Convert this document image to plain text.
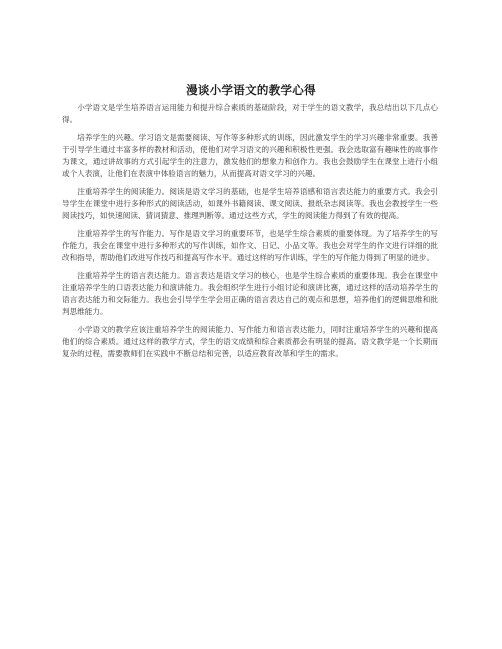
漫谈小学语文的教学心得

小学语文是学生培养语言运用能力和提升综合素质的基础阶段，对于学生的语文教学，我总结出以下几点心得。

培养学生的兴趣。学习语文是需要阅读、写作等多种形式的训练，因此激发学生的学习兴趣非常重要。我善于引导学生通过丰富多样的教材和活动，使他们对学习语文的兴趣和积极性更强。我会选取富有趣味性的故事作为课文，通过讲故事的方式引起学生的注意力，激发他们的想象力和创作力。我也会鼓励学生在课堂上进行小组或个人表演，让他们在表演中体验语言的魅力，从而提高对语文学习的兴趣。

注重培养学生的阅读能力。阅读是语文学习的基础，也是学生培养语感和语言表达能力的重要方式。我会引导学生在课堂中进行多种形式的阅读活动，如课外书籍阅读、课文阅读、报纸杂志阅读等。我也会教授学生一些阅读技巧，如快速阅读、猜词猜意、推理判断等。通过这些方式，学生的阅读能力得到了有效的提高。

注重培养学生的写作能力。写作是语文学习的重要环节，也是学生综合素质的重要体现。为了培养学生的写作能力，我会在课堂中进行多种形式的写作训练，如作文、日记、小品文等。我也会对学生的作文进行详细的批改和指导，帮助他们改进写作技巧和提高写作水平。通过这样的写作训练，学生的写作能力得到了明显的进步。

注重培养学生的语言表达能力。语言表达是语文学习的核心，也是学生综合素质的重要体现。我会在课堂中注重培养学生的口语表达能力和演讲能力。我会组织学生进行小组讨论和演讲比赛，通过这样的活动培养学生的语言表达能力和交际能力。我也会引导学生学会用正确的语言表达自己的观点和思想，培养他们的逻辑思维和批判思维能力。

小学语文的教学应该注重培养学生的阅读能力、写作能力和语言表达能力，同时注重培养学生的兴趣和提高他们的综合素质。通过这样的教学方式，学生的语文成绩和综合素质都会有明显的提高。语文教学是一个长期而复杂的过程，需要教师们在实践中不断总结和完善，以适应教育改革和学生的需求。
